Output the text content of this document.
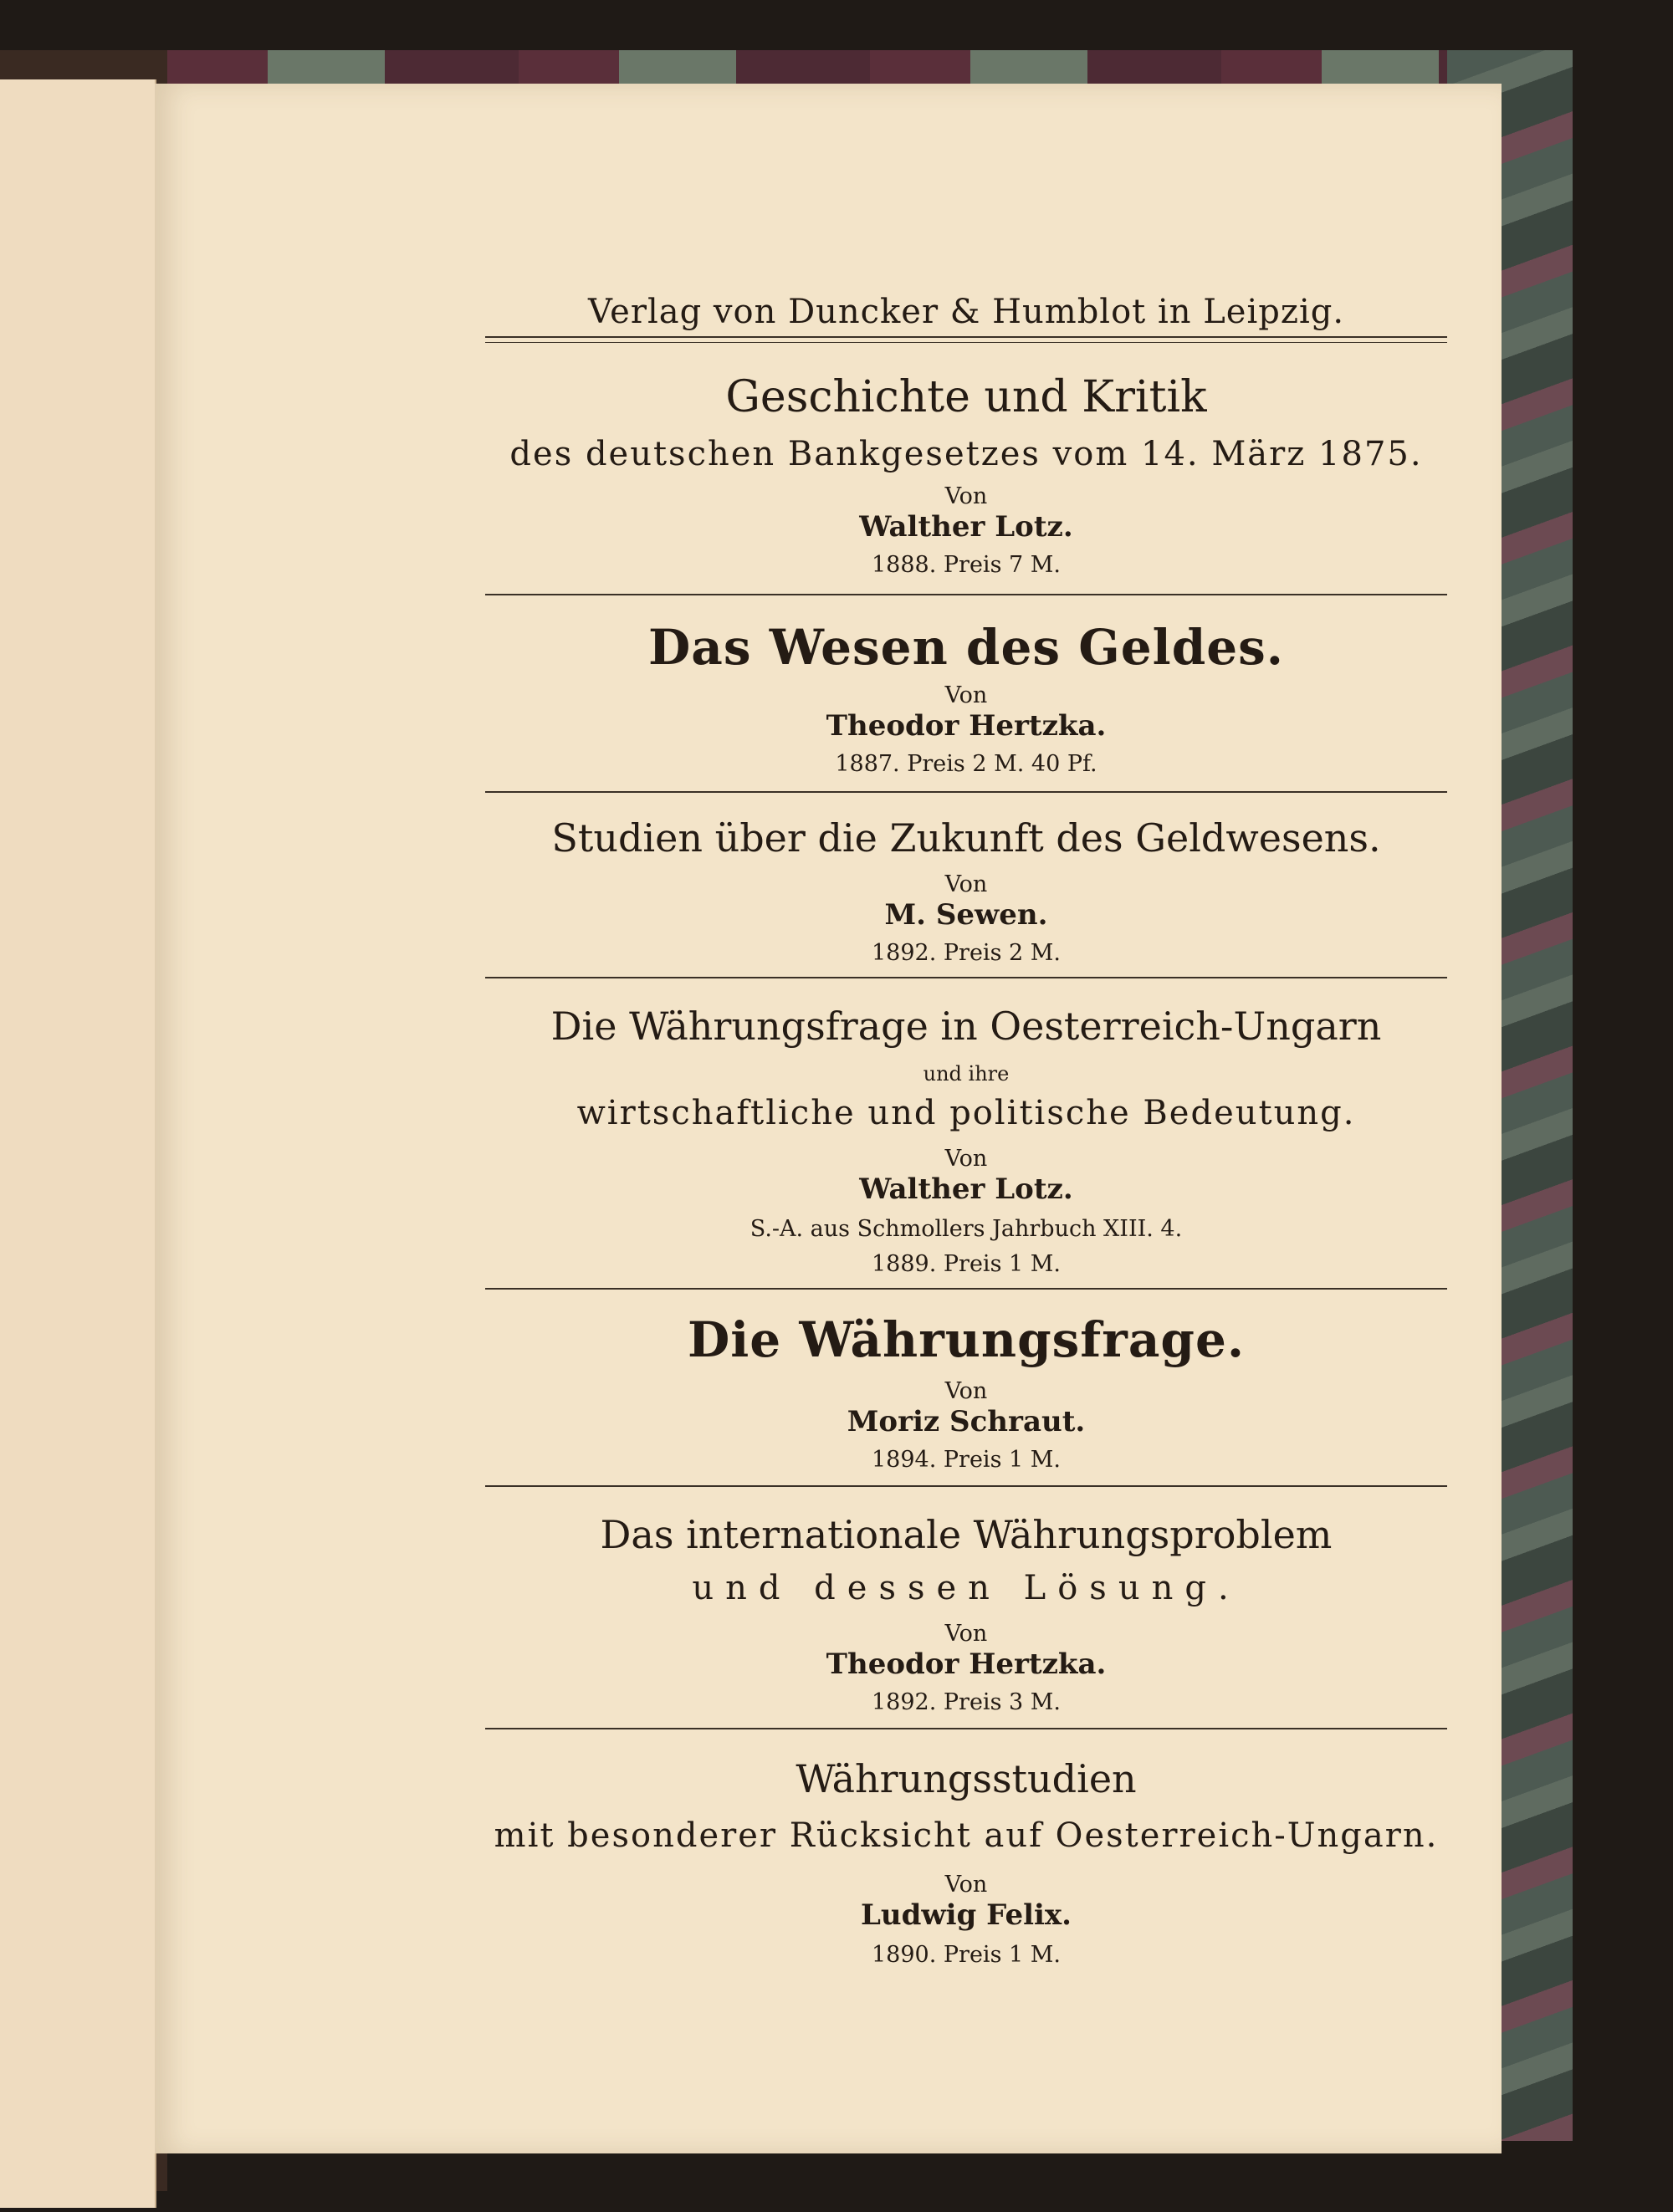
Verlag von Duncker & Humblot in Leipzig.
Geschichte und Kritik
des deutschen Bankgesetzes vom 14. März 1875.
Von
Walther Lotz.
1888. Preis 7 M.
Das Wesen des Geldes.
Von
Theodor Hertzka.
1887. Preis 2 M. 40 Pf.
Studien über die Zukunft des Geldwesens.
Von
M. Sewen.
1892. Preis 2 M.
Die Währungsfrage in Oesterreich-Ungarn
und ihre
wirtschaftliche und politische Bedeutung.
Von
Walther Lotz.
S.-A. aus Schmollers Jahrbuch XIII. 4.
1889. Preis 1 M.
Die Währungsfrage.
Von
Moriz Schraut.
1894. Preis 1 M.
Das internationale Währungsproblem
und dessen Lösung.
Von
Theodor Hertzka.
1892. Preis 3 M.
Währungsstudien
mit besonderer Rücksicht auf Oesterreich-Ungarn.
Von
Ludwig Felix.
1890. Preis 1 M.
